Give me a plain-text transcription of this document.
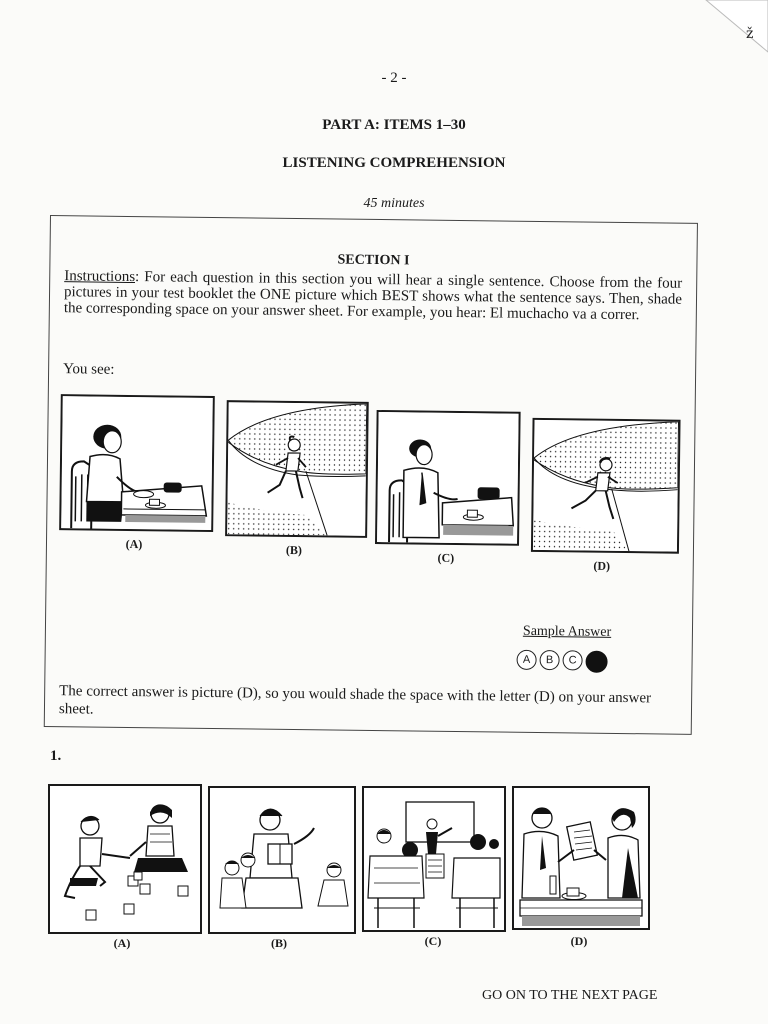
ž
- 2 -
PART A: ITEMS 1–30
LISTENING COMPREHENSION
45 minutes
SECTION I
Instructions: For each question in this section you will hear a single sentence. Choose from the four pictures in your test booklet the ONE picture which BEST shows what the sentence says. Then, shade the corresponding space on your answer sheet. For example, you hear: El muchacho va a correr.
You see:
(A)	(B)
(C)
(D)
Sample Answer
A	B	C
The correct answer is picture (D), so you would shade the space with the letter (D) on your answer sheet.
1.
(A)	(B)	(C)	(D)
GO ON TO THE NEXT PAGE
